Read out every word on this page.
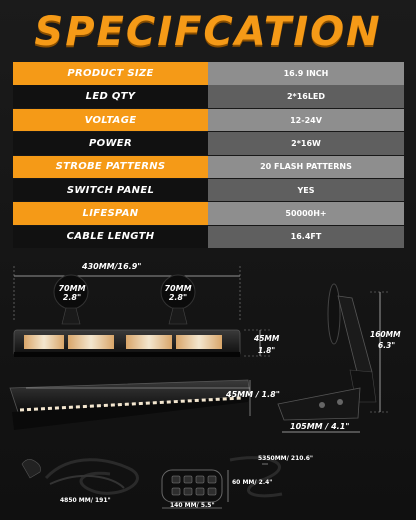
SPECIFCATION
PRODUCT SIZE	16.9 INCH
LED QTY	2*16LED
VOLTAGE	12-24V
POWER	2*16W
STROBE PATTERNS	20 FLASH PATTERNS
SWITCH PANEL	YES
LIFESPAN	50000H+
CABLE LENGTH	16.4FT
430MM/16.9"
70MM
2.8"
70MM
2.8"
45MM
1.8"
45MM / 1.8"
160MM
6.3"
105MM / 4.1"
5350MM/ 210.6"
4850 MM/ 191"
60 MM/ 2.4"
140 MM/ 5.5"
